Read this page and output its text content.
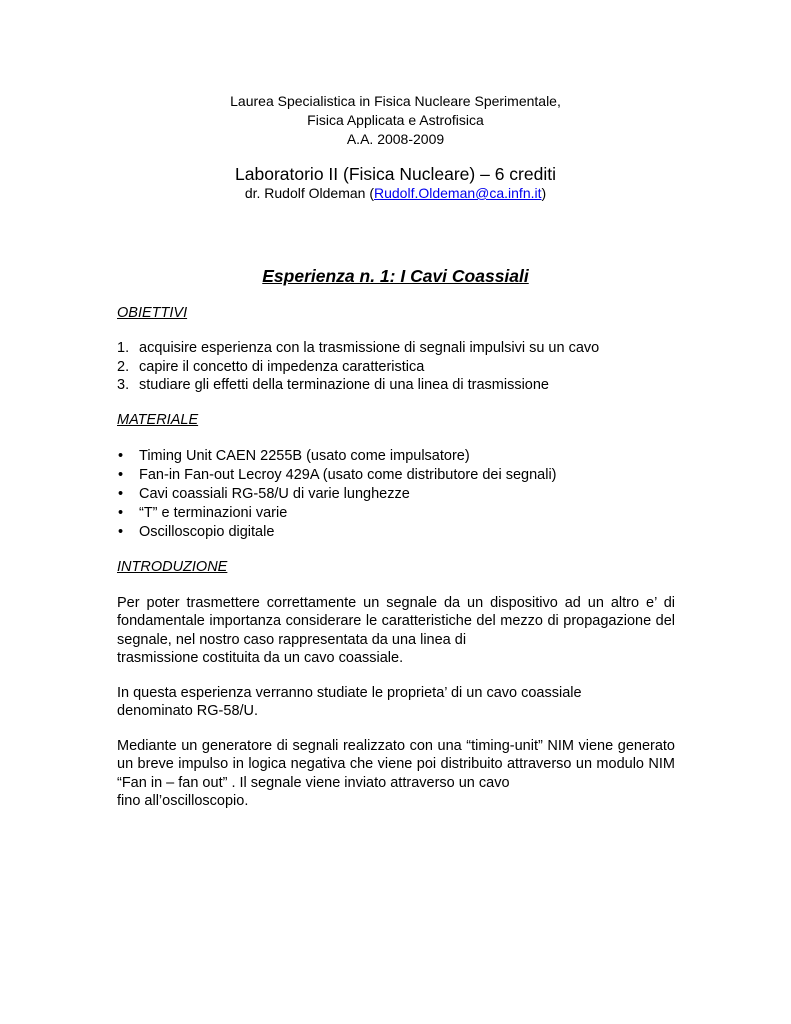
Laurea Specialistica in Fisica Nucleare Sperimentale,
Fisica Applicata e Astrofisica
A.A. 2008-2009
Laboratorio II (Fisica Nucleare) – 6 crediti
dr. Rudolf Oldeman (Rudolf.Oldeman@ca.infn.it)
Esperienza n. 1: I Cavi Coassiali
OBIETTIVI
1. acquisire esperienza con la trasmissione di segnali impulsivi su un cavo
2. capire il concetto di impedenza caratteristica
3. studiare gli effetti della terminazione di una linea di trasmissione
MATERIALE
• Timing Unit CAEN 2255B (usato come impulsatore)
• Fan-in Fan-out Lecroy 429A (usato come distributore dei segnali)
• Cavi coassiali RG-58/U di varie lunghezze
• “T” e terminazioni varie
• Oscilloscopio digitale
INTRODUZIONE
Per poter trasmettere correttamente un segnale da un dispositivo ad un altro e’ di fondamentale importanza considerare le caratteristiche del mezzo di propagazione del segnale, nel nostro caso rappresentata da una linea di
trasmissione costituita da un cavo coassiale.
In questa esperienza verranno studiate le proprieta’ di un cavo coassiale
denominato RG-58/U.
Mediante un generatore di segnali realizzato con una “timing-unit” NIM viene generato un breve impulso in logica negativa che viene poi distribuito attraverso un modulo NIM “Fan in – fan out” . Il segnale viene inviato attraverso un cavo
fino all’oscilloscopio.
